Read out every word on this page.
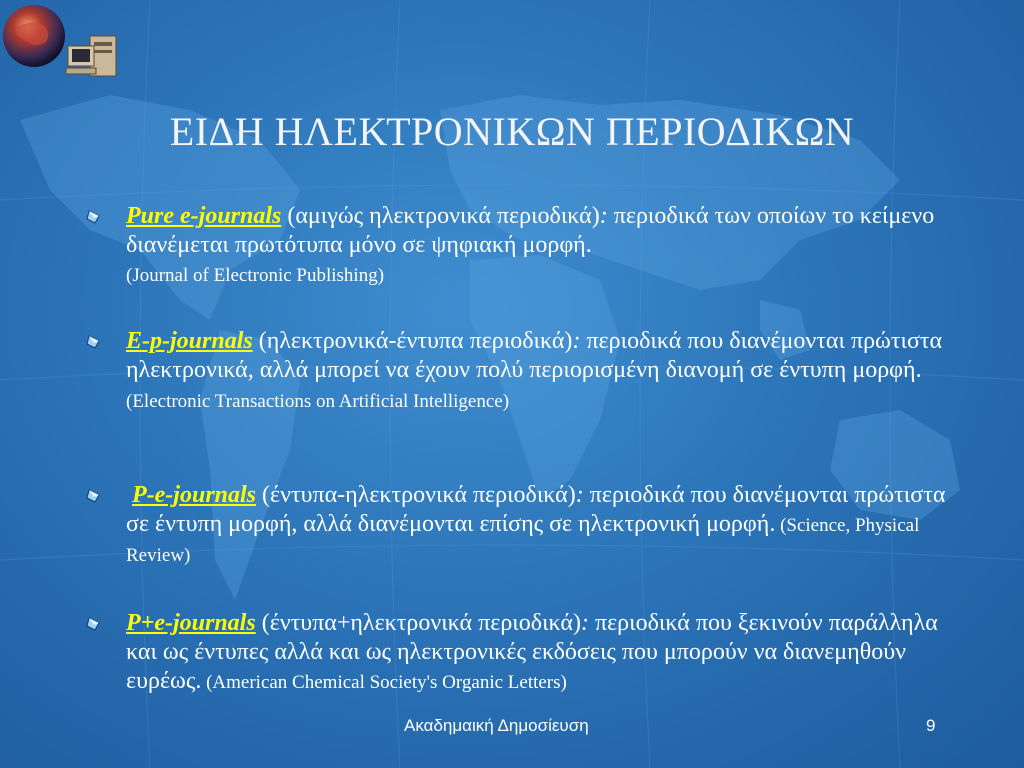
ΕΙΔΗ ΗΛΕΚΤΡΟΝΙΚΩΝ ΠΕΡΙΟΔΙΚΩΝ
Pure e-journals (αμιγώς ηλεκτρονικά περιοδικά): περιοδικά των οποίων το κείμενο διανέμεται πρωτότυπα μόνο σε ψηφιακή μορφή.
(Journal of Electronic Publishing)
E-p-journals (ηλεκτρονικά-έντυπα περιοδικά): περιοδικά που διανέμονται πρώτιστα ηλεκτρονικά, αλλά μπορεί να έχουν πολύ περιορισμένη διανομή σε έντυπη μορφή. (Electronic Transactions on Artificial Intelligence)
P-e-journals (έντυπα-ηλεκτρονικά περιοδικά): περιοδικά που διανέμονται πρώτιστα σε έντυπη μορφή, αλλά διανέμονται επίσης σε ηλεκτρονική μορφή. (Science, Physical Review)
P+e-journals (έντυπα+ηλεκτρονικά περιοδικά): περιοδικά που ξεκινούν παράλληλα και ως έντυπες αλλά και ως ηλεκτρονικές εκδόσεις που μπορούν να διανεμηθούν ευρέως. (American Chemical Society's Organic Letters)
Ακαδημαική Δημοσίευση	9
